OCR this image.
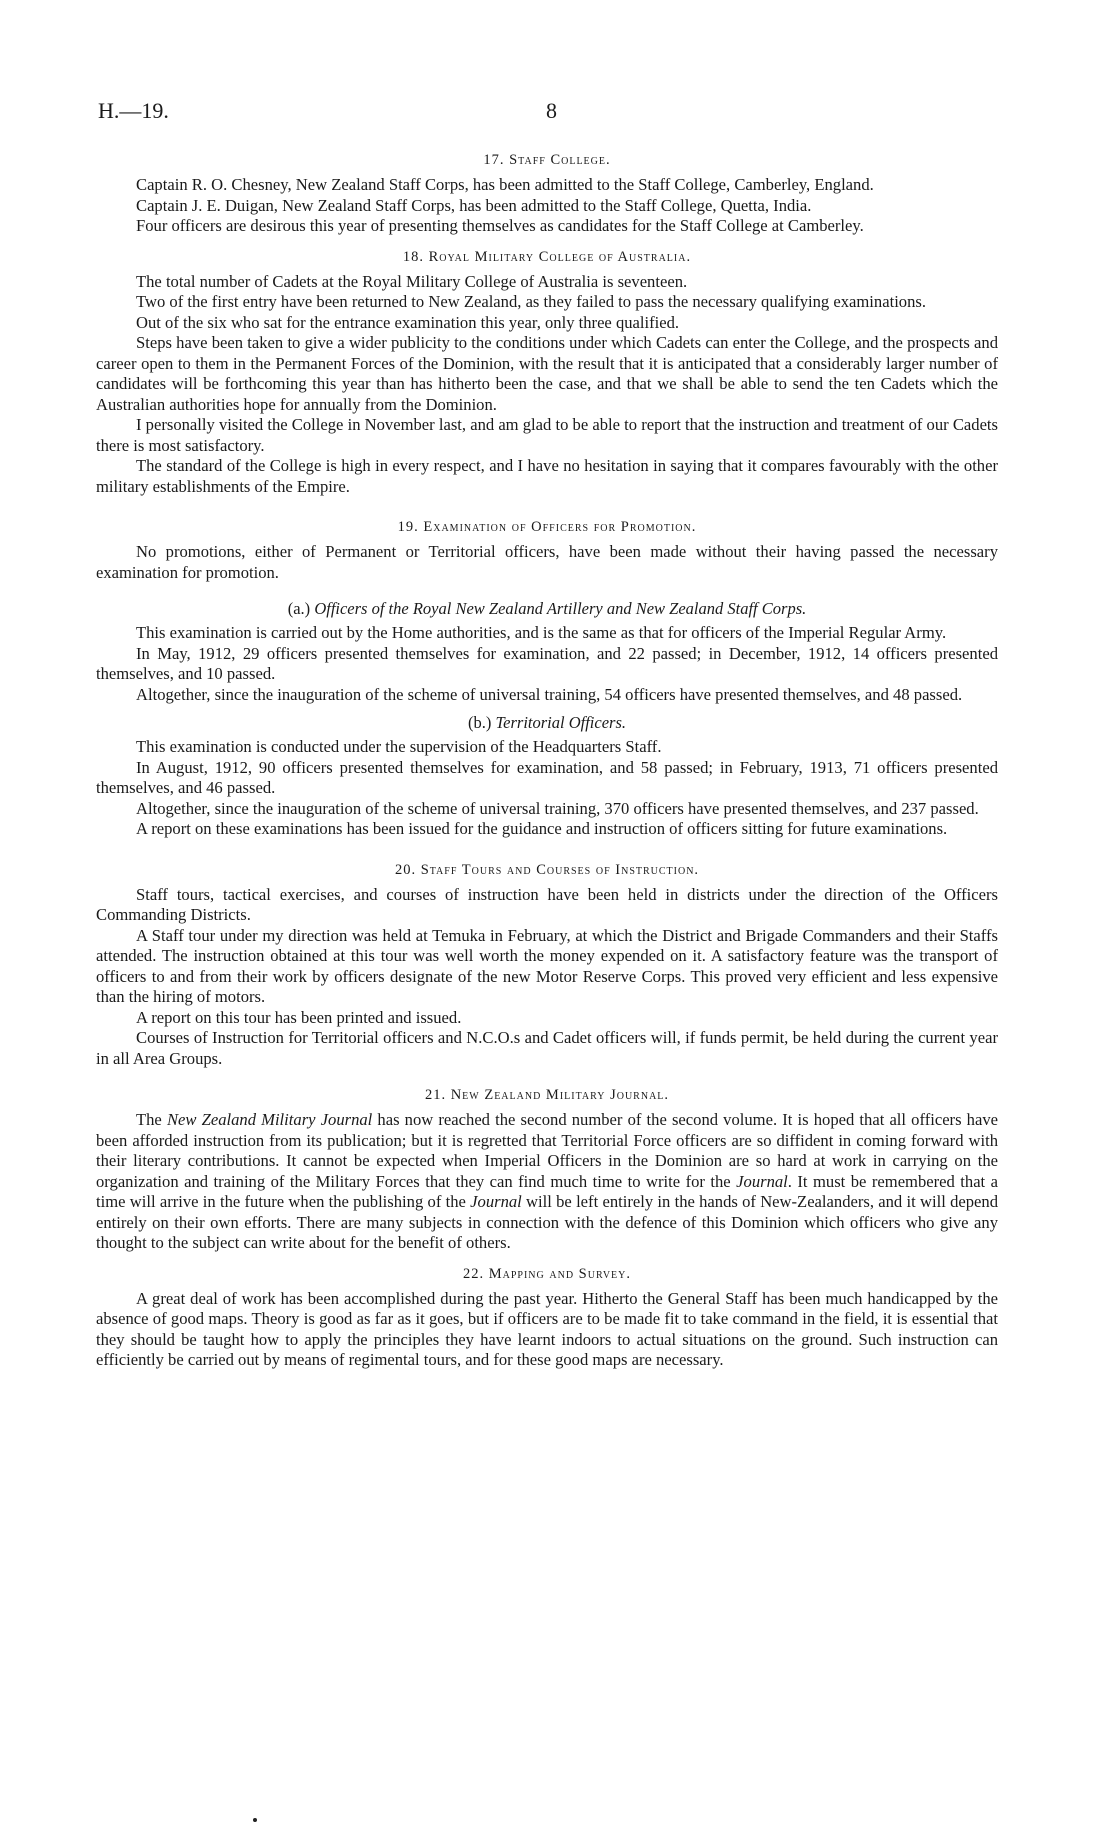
H.—19.	8
17. Staff College.

Captain R. O. Chesney, New Zealand Staff Corps, has been admitted to the Staff College, Camberley, England.

Captain J. E. Duigan, New Zealand Staff Corps, has been admitted to the Staff College, Quetta, India.

Four officers are desirous this year of presenting themselves as candidates for the Staff College at Camberley.

18. Royal Military College of Australia.

The total number of Cadets at the Royal Military College of Australia is seventeen.

Two of the first entry have been returned to New Zealand, as they failed to pass the necessary qualifying examinations.

Out of the six who sat for the entrance examination this year, only three qualified.

Steps have been taken to give a wider publicity to the conditions under which Cadets can enter the College, and the prospects and career open to them in the Permanent Forces of the Dominion, with the result that it is anticipated that a considerably larger number of candidates will be forthcoming this year than has hitherto been the case, and that we shall be able to send the ten Cadets which the Australian authorities hope for annually from the Dominion.

I personally visited the College in November last, and am glad to be able to report that the instruction and treatment of our Cadets there is most satisfactory.

The standard of the College is high in every respect, and I have no hesitation in saying that it compares favourably with the other military establishments of the Empire.

19. Examination of Officers for Promotion.

No promotions, either of Permanent or Territorial officers, have been made without their having passed the necessary examination for promotion.

(a.) Officers of the Royal New Zealand Artillery and New Zealand Staff Corps.

This examination is carried out by the Home authorities, and is the same as that for officers of the Imperial Regular Army.

In May, 1912, 29 officers presented themselves for examination, and 22 passed; in December, 1912, 14 officers presented themselves, and 10 passed.

Altogether, since the inauguration of the scheme of universal training, 54 officers have presented themselves, and 48 passed.

(b.) Territorial Officers.

This examination is conducted under the supervision of the Headquarters Staff.

In August, 1912, 90 officers presented themselves for examination, and 58 passed; in February, 1913, 71 officers presented themselves, and 46 passed.

Altogether, since the inauguration of the scheme of universal training, 370 officers have presented themselves, and 237 passed.

A report on these examinations has been issued for the guidance and instruction of officers sitting for future examinations.

20. Staff Tours and Courses of Instruction.

Staff tours, tactical exercises, and courses of instruction have been held in districts under the direction of the Officers Commanding Districts.

A Staff tour under my direction was held at Temuka in February, at which the District and Brigade Commanders and their Staffs attended. The instruction obtained at this tour was well worth the money expended on it. A satisfactory feature was the transport of officers to and from their work by officers designate of the new Motor Reserve Corps. This proved very efficient and less expensive than the hiring of motors.

A report on this tour has been printed and issued.

Courses of Instruction for Territorial officers and N.C.O.s and Cadet officers will, if funds permit, be held during the current year in all Area Groups.

21. New Zealand Military Journal.

The New Zealand Military Journal has now reached the second number of the second volume. It is hoped that all officers have been afforded instruction from its publication; but it is regretted that Territorial Force officers are so diffident in coming forward with their literary contributions. It cannot be expected when Imperial Officers in the Dominion are so hard at work in carrying on the organization and training of the Military Forces that they can find much time to write for the Journal. It must be remembered that a time will arrive in the future when the publishing of the Journal will be left entirely in the hands of New-Zealanders, and it will depend entirely on their own efforts. There are many subjects in connection with the defence of this Dominion which officers who give any thought to the subject can write about for the benefit of others.

22. Mapping and Survey.

A great deal of work has been accomplished during the past year. Hitherto the General Staff has been much handicapped by the absence of good maps. Theory is good as far as it goes, but if officers are to be made fit to take command in the field, it is essential that they should be taught how to apply the principles they have learnt indoors to actual situations on the ground. Such instruction can efficiently be carried out by means of regimental tours, and for these good maps are necessary.
